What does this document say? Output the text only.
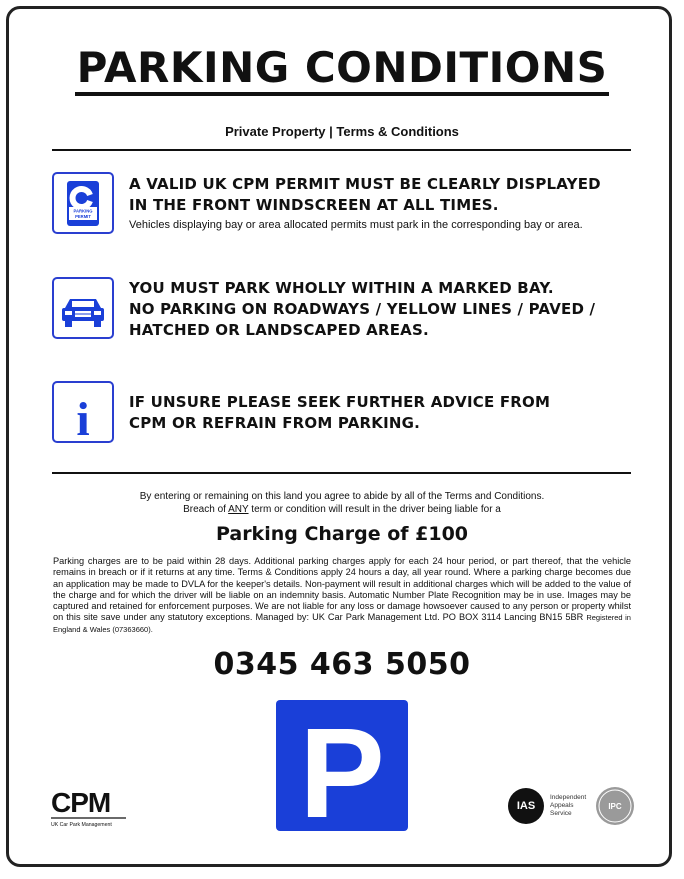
PARKING CONDITIONS
Private Property | Terms & Conditions
PARKING
PERMIT
A VALID UK CPM PERMIT MUST BE CLEARLY DISPLAYED
IN THE FRONT WINDSCREEN AT ALL TIMES.
Vehicles displaying bay or area allocated permits must park in the corresponding bay or area.
YOU MUST PARK WHOLLY WITHIN A MARKED BAY.
NO PARKING ON ROADWAYS / YELLOW LINES / PAVED /
HATCHED OR LANDSCAPED AREAS.
i	IF UNSURE PLEASE SEEK FURTHER ADVICE FROM
CPM OR REFRAIN FROM PARKING.
By entering or remaining on this land you agree to abide by all of the Terms and Conditions.
Breach of ANY term or condition will result in the driver being liable for a
Parking Charge of £100
Parking charges are to be paid within 28 days. Additional parking charges apply for each 24 hour period, or part thereof, that the vehicle remains in breach or if it returns at any time. Terms & Conditions apply 24 hours a day, all year round. Where a parking charge becomes due an application may be made to DVLA for the keeper's details. Non-payment will result in additional charges which will be added to the value of the charge and for which the driver will be liable on an indemnity basis. Automatic Number Plate Recognition may be in use. Images may be captured and retained for enforcement purposes. We are not liable for any loss or damage howsoever caused to any person or property whilst on this site save under any statutory exceptions. Managed by: UK Car Park Management Ltd. PO BOX 3114 Lancing BN15 5BR Registered in England & Wales (07363660).
0345 463 5050
P
CPM
UK Car Park Management
IAS
Independent
Appeals
Service
IPC
